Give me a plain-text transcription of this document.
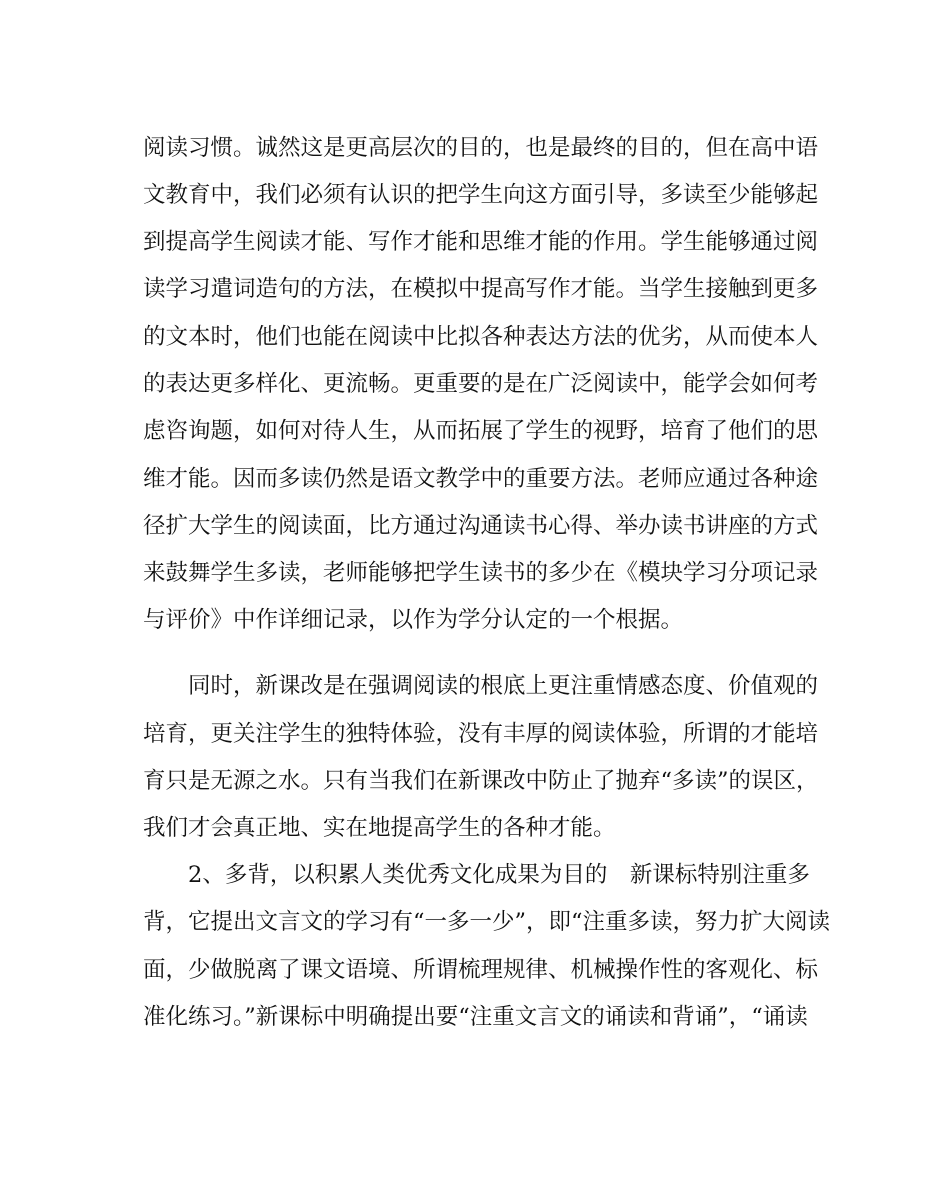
阅读习惯。诚然这是更高层次的目的，也是最终的目的，但在高中语
文教育中，我们必须有认识的把学生向这方面引导，多读至少能够起
到提高学生阅读才能、写作才能和思维才能的作用。学生能够通过阅
读学习遣词造句的方法，在模拟中提高写作才能。当学生接触到更多
的文本时，他们也能在阅读中比拟各种表达方法的优劣，从而使本人
的表达更多样化、更流畅。更重要的是在广泛阅读中，能学会如何考
虑咨询题，如何对待人生，从而拓展了学生的视野，培育了他们的思
维才能。因而多读仍然是语文教学中的重要方法。老师应通过各种途
径扩大学生的阅读面，比方通过沟通读书心得、举办读书讲座的方式
来鼓舞学生多读，老师能够把学生读书的多少在《模块学习分项记录
与评价》中作详细记录，以作为学分认定的一个根据。
同时，新课改是在强调阅读的根底上更注重情感态度、价值观的
培育，更关注学生的独特体验，没有丰厚的阅读体验，所谓的才能培
育只是无源之水。只有当我们在新课改中防止了抛弃“多读”的误区，
我们才会真正地、实在地提高学生的各种才能。
2、多背，以积累人类优秀文化成果为目的　新课标特别注重多
背，它提出文言文的学习有“一多一少”，即“注重多读，努力扩大阅读
面，少做脱离了课文语境、所谓梳理规律、机械操作性的客观化、标
准化练习。”新课标中明确提出要“注重文言文的诵读和背诵”，“诵读
